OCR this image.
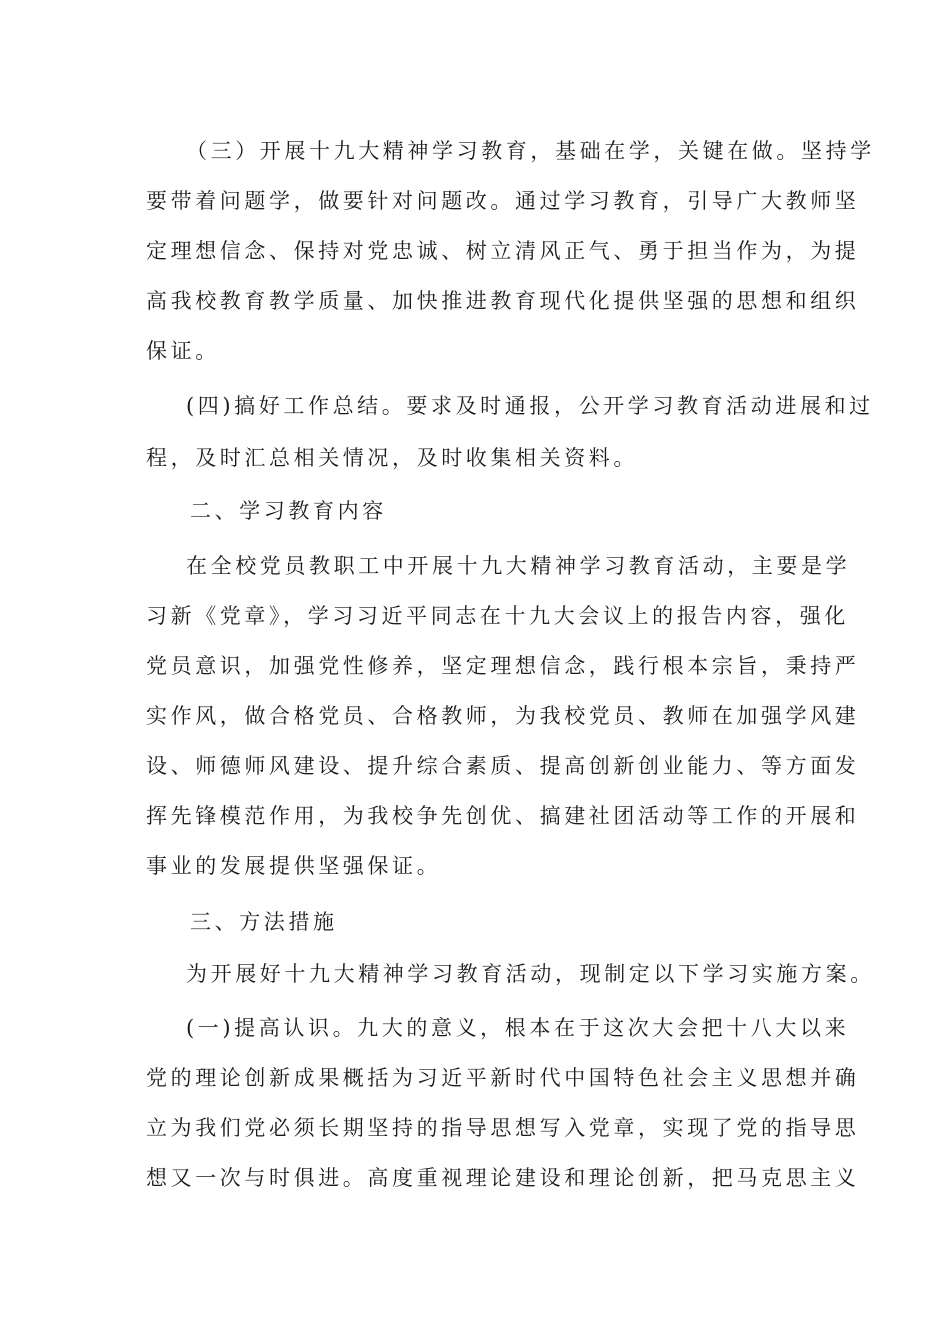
（三）开展十九大精神学习教育，基础在学，关键在做。坚持学
要带着问题学，做要针对问题改。通过学习教育，引导广大教师坚
定理想信念、保持对党忠诚、树立清风正气、勇于担当作为，为提
高我校教育教学质量、加快推进教育现代化提供坚强的思想和组织
保证。
(四)搞好工作总结。要求及时通报，公开学习教育活动进展和过
程，及时汇总相关情况，及时收集相关资料。
二、学习教育内容
在全校党员教职工中开展十九大精神学习教育活动，主要是学
习新《党章》，学习习近平同志在十九大会议上的报告内容，强化
党员意识，加强党性修养，坚定理想信念，践行根本宗旨，秉持严
实作风，做合格党员、合格教师，为我校党员、教师在加强学风建
设、师德师风建设、提升综合素质、提高创新创业能力、等方面发
挥先锋模范作用，为我校争先创优、搞建社团活动等工作的开展和
事业的发展提供坚强保证。
三、方法措施
为开展好十九大精神学习教育活动，现制定以下学习实施方案。
(一)提高认识。九大的意义，根本在于这次大会把十八大以来
党的理论创新成果概括为习近平新时代中国特色社会主义思想并确
立为我们党必须长期坚持的指导思想写入党章，实现了党的指导思
想又一次与时俱进。高度重视理论建设和理论创新，把马克思主义
